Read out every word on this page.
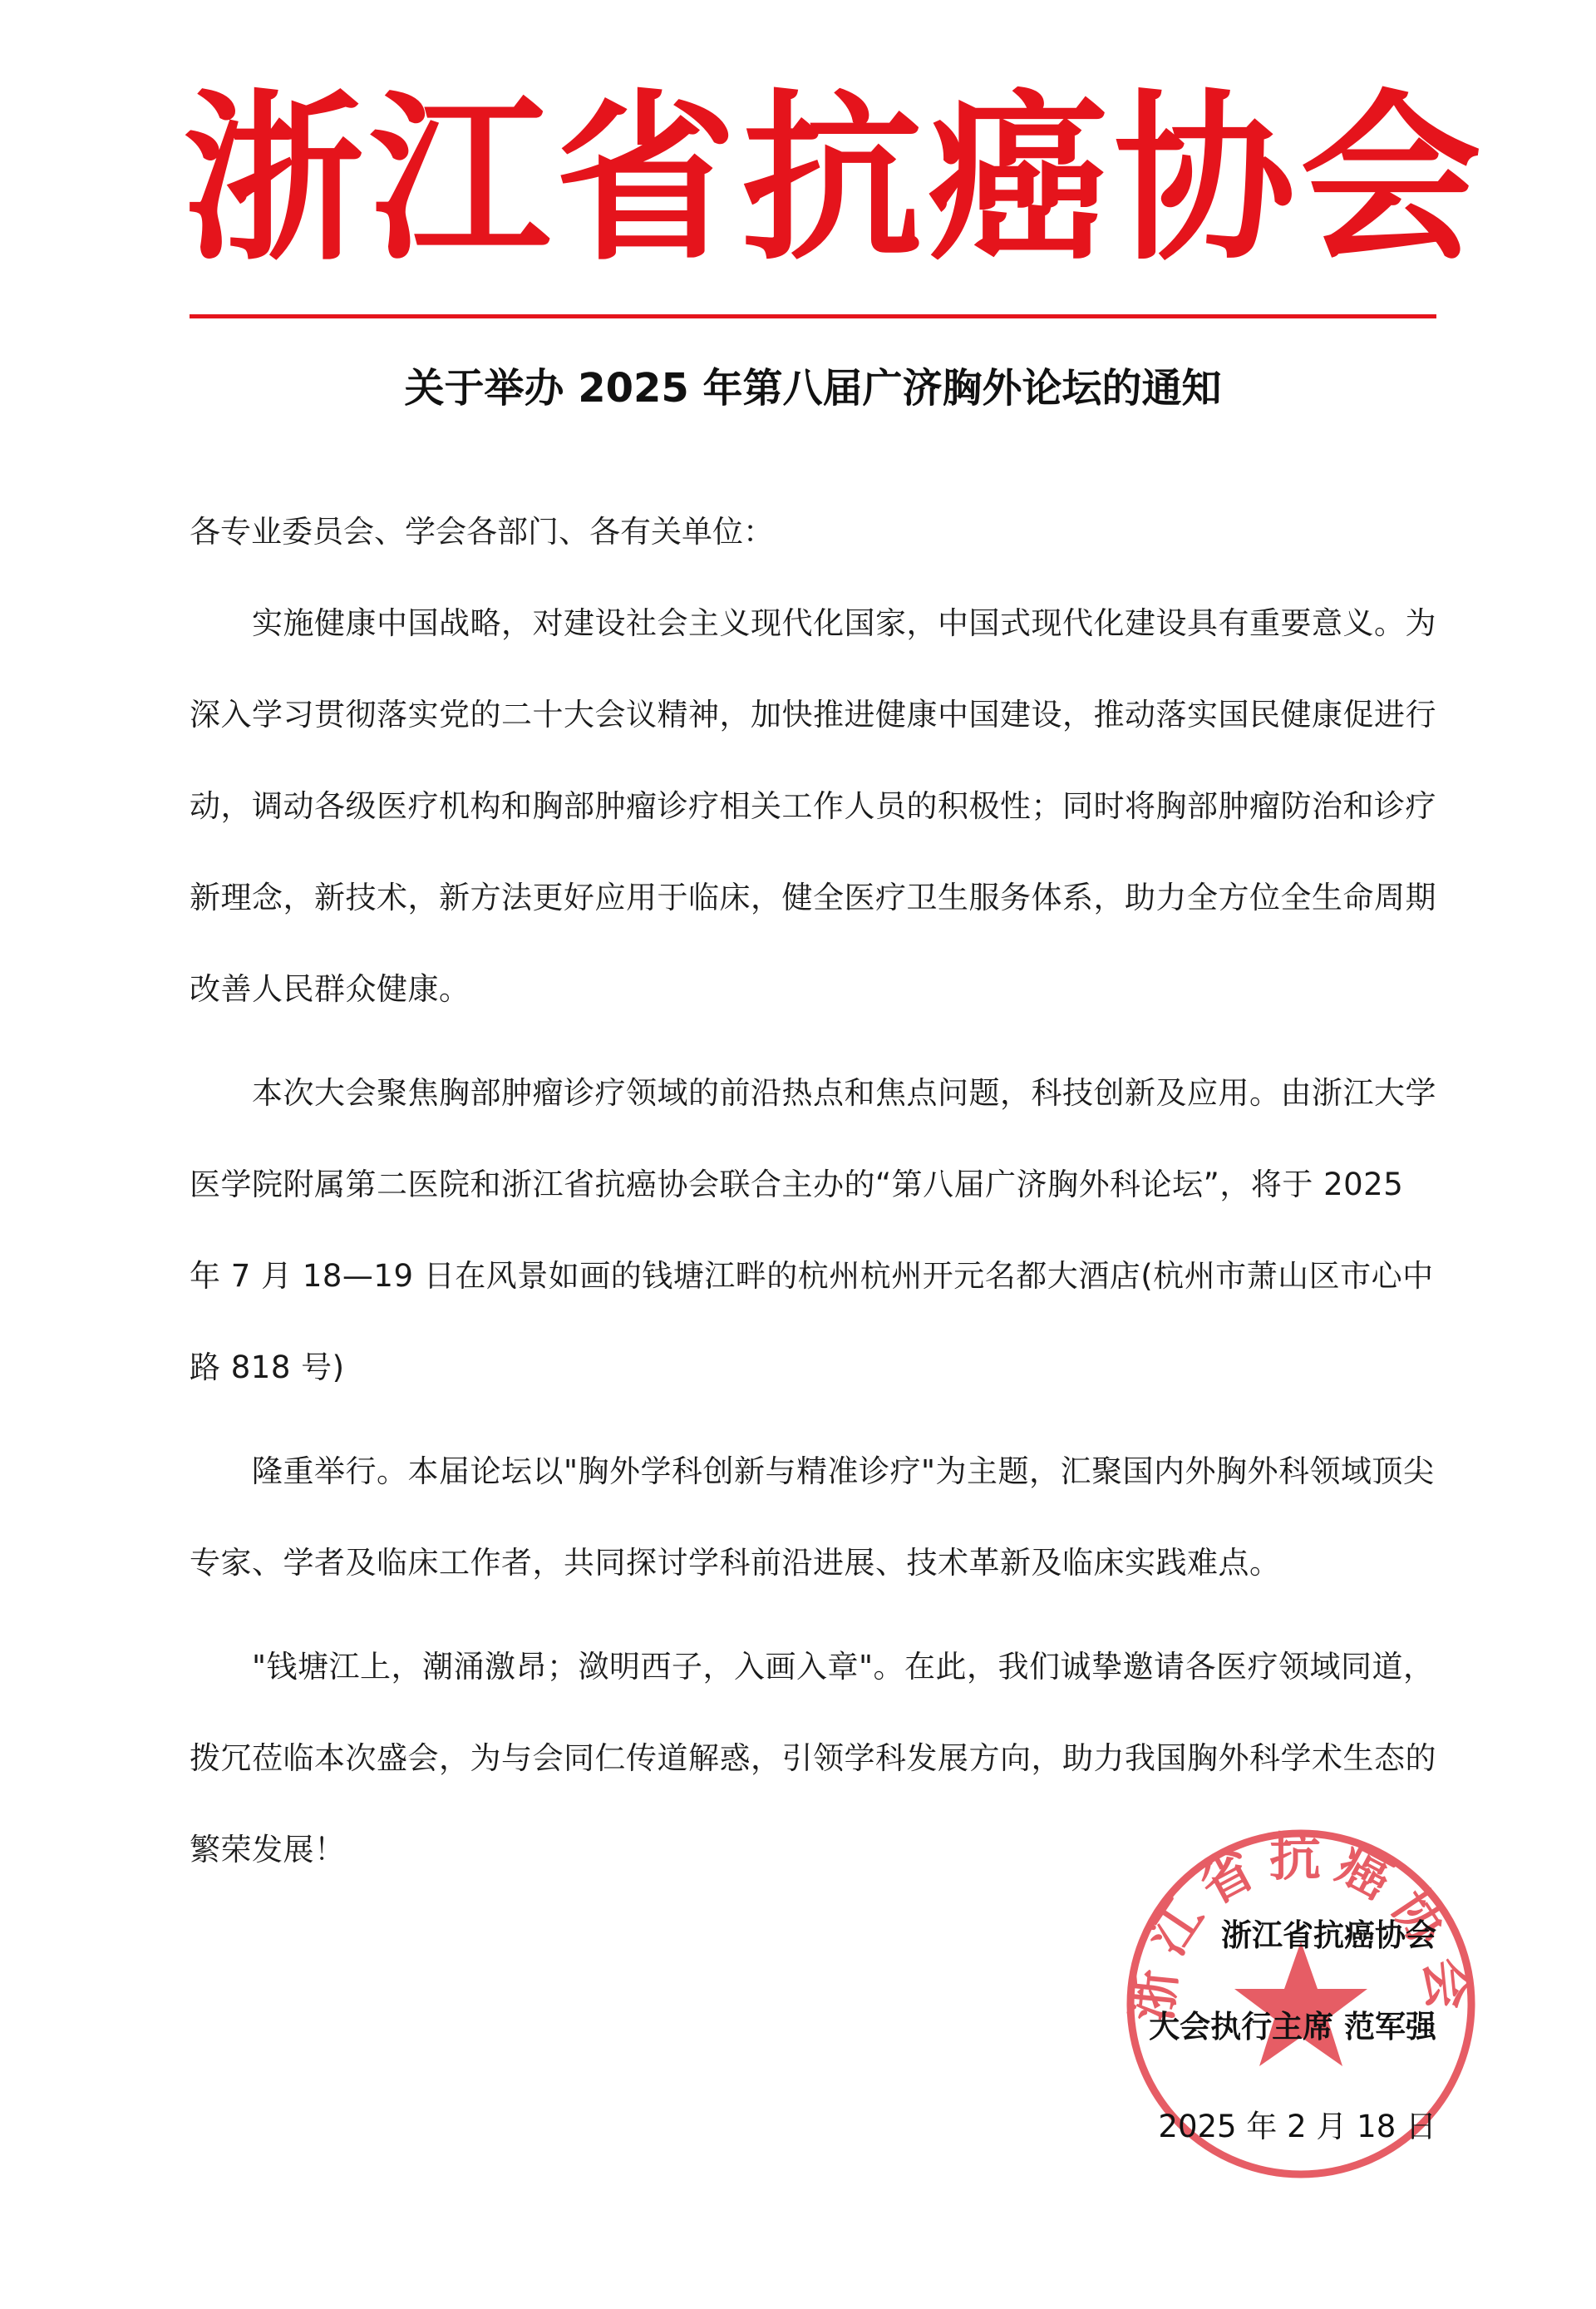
浙江省抗癌协会
关于举办 2025 年第八届广济胸外论坛的通知
各专业委员会、学会各部门、各有关单位：
　　实施健康中国战略，对建设社会主义现代化国家，中国式现代化建设具有重要意义。为
深入学习贯彻落实党的二十大会议精神，加快推进健康中国建设，推动落实国民健康促进行
动，调动各级医疗机构和胸部肿瘤诊疗相关工作人员的积极性；同时将胸部肿瘤防治和诊疗
新理念，新技术，新方法更好应用于临床，健全医疗卫生服务体系，助力全方位全生命周期
改善人民群众健康。
　　本次大会聚焦胸部肿瘤诊疗领域的前沿热点和焦点问题，科技创新及应用。由浙江大学
医学院附属第二医院和浙江省抗癌协会联合主办的“第八届广济胸外科论坛”，将于 2025
年 7 月 18—19 日在风景如画的钱塘江畔的杭州杭州开元名都大酒店(杭州市萧山区市心中
路 818 号)
　　隆重举行。本届论坛以"胸外学科创新与精准诊疗"为主题，汇聚国内外胸外科领域顶尖
专家、学者及临床工作者，共同探讨学科前沿进展、技术革新及临床实践难点。
　　"钱塘江上，潮涌激昂；潋明西子，入画入章"。在此，我们诚挚邀请各医疗领域同道，
拨冗莅临本次盛会，为与会同仁传道解惑，引领学科发展方向，助力我国胸外科学术生态的
繁荣发展！
浙江省抗癌协会
浙江省抗癌协会
大会执行主席 范军强
2025 年 2 月 18 日
